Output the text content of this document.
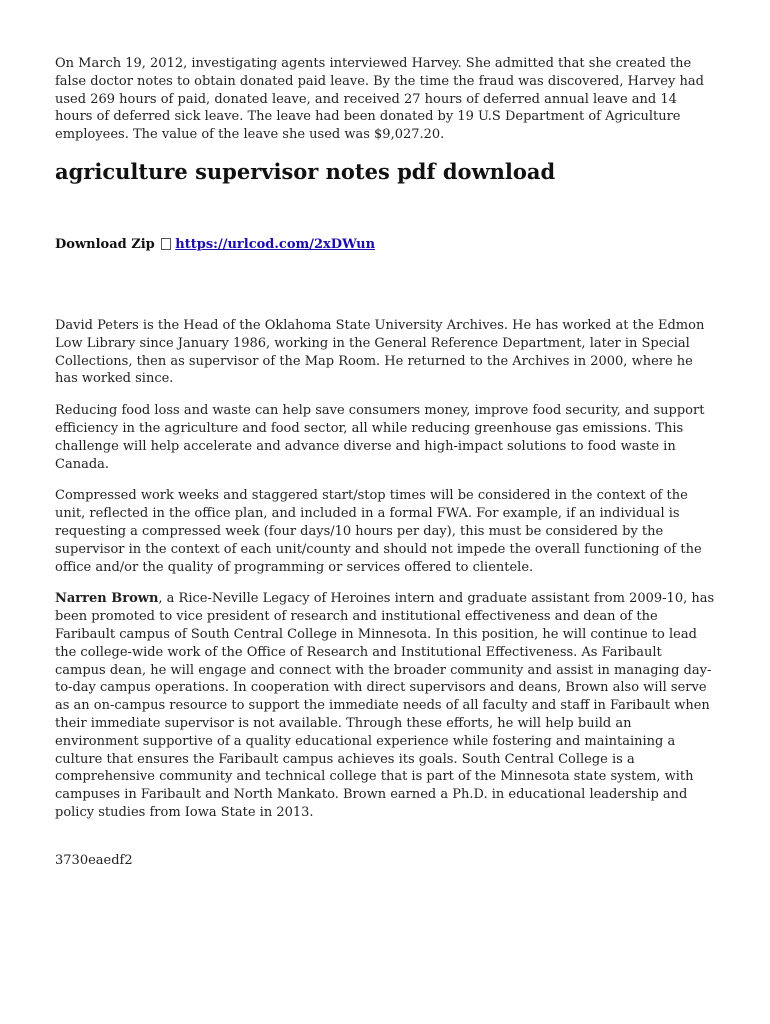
On March 19, 2012, investigating agents interviewed Harvey. She admitted that she created the false doctor notes to obtain donated paid leave. By the time the fraud was discovered, Harvey had used 269 hours of paid, donated leave, and received 27 hours of deferred annual leave and 14 hours of deferred sick leave. The leave had been donated by 19 U.S Department of Agriculture employees. The value of the leave she used was $9,027.20.

agriculture supervisor notes pdf download
Download Zip https://urlcod.com/2xDWun

David Peters is the Head of the Oklahoma State University Archives. He has worked at the Edmon Low Library since January 1986, working in the General Reference Department, later in Special Collections, then as supervisor of the Map Room. He returned to the Archives in 2000, where he has worked since.

Reducing food loss and waste can help save consumers money, improve food security, and support efficiency in the agriculture and food sector, all while reducing greenhouse gas emissions. This challenge will help accelerate and advance diverse and high-impact solutions to food waste in Canada.

Compressed work weeks and staggered start/stop times will be considered in the context of the unit, reflected in the office plan, and included in a formal FWA. For example, if an individual is requesting a compressed week (four days/10 hours per day), this must be considered by the supervisor in the context of each unit/county and should not impede the overall functioning of the office and/or the quality of programming or services offered to clientele.

Narren Brown, a Rice-Neville Legacy of Heroines intern and graduate assistant from 2009-10, has been promoted to vice president of research and institutional effectiveness and dean of the Faribault campus of South Central College in Minnesota. In this position, he will continue to lead the college-wide work of the Office of Research and Institutional Effectiveness. As Faribault campus dean, he will engage and connect with the broader community and assist in managing day-to-day campus operations. In cooperation with direct supervisors and deans, Brown also will serve as an on-campus resource to support the immediate needs of all faculty and staff in Faribault when their immediate supervisor is not available. Through these efforts, he will help build an environment supportive of a quality educational experience while fostering and maintaining a culture that ensures the Faribault campus achieves its goals. South Central College is a comprehensive community and technical college that is part of the Minnesota state system, with campuses in Faribault and North Mankato. Brown earned a Ph.D. in educational leadership and policy studies from Iowa State in 2013.

3730eaedf2
